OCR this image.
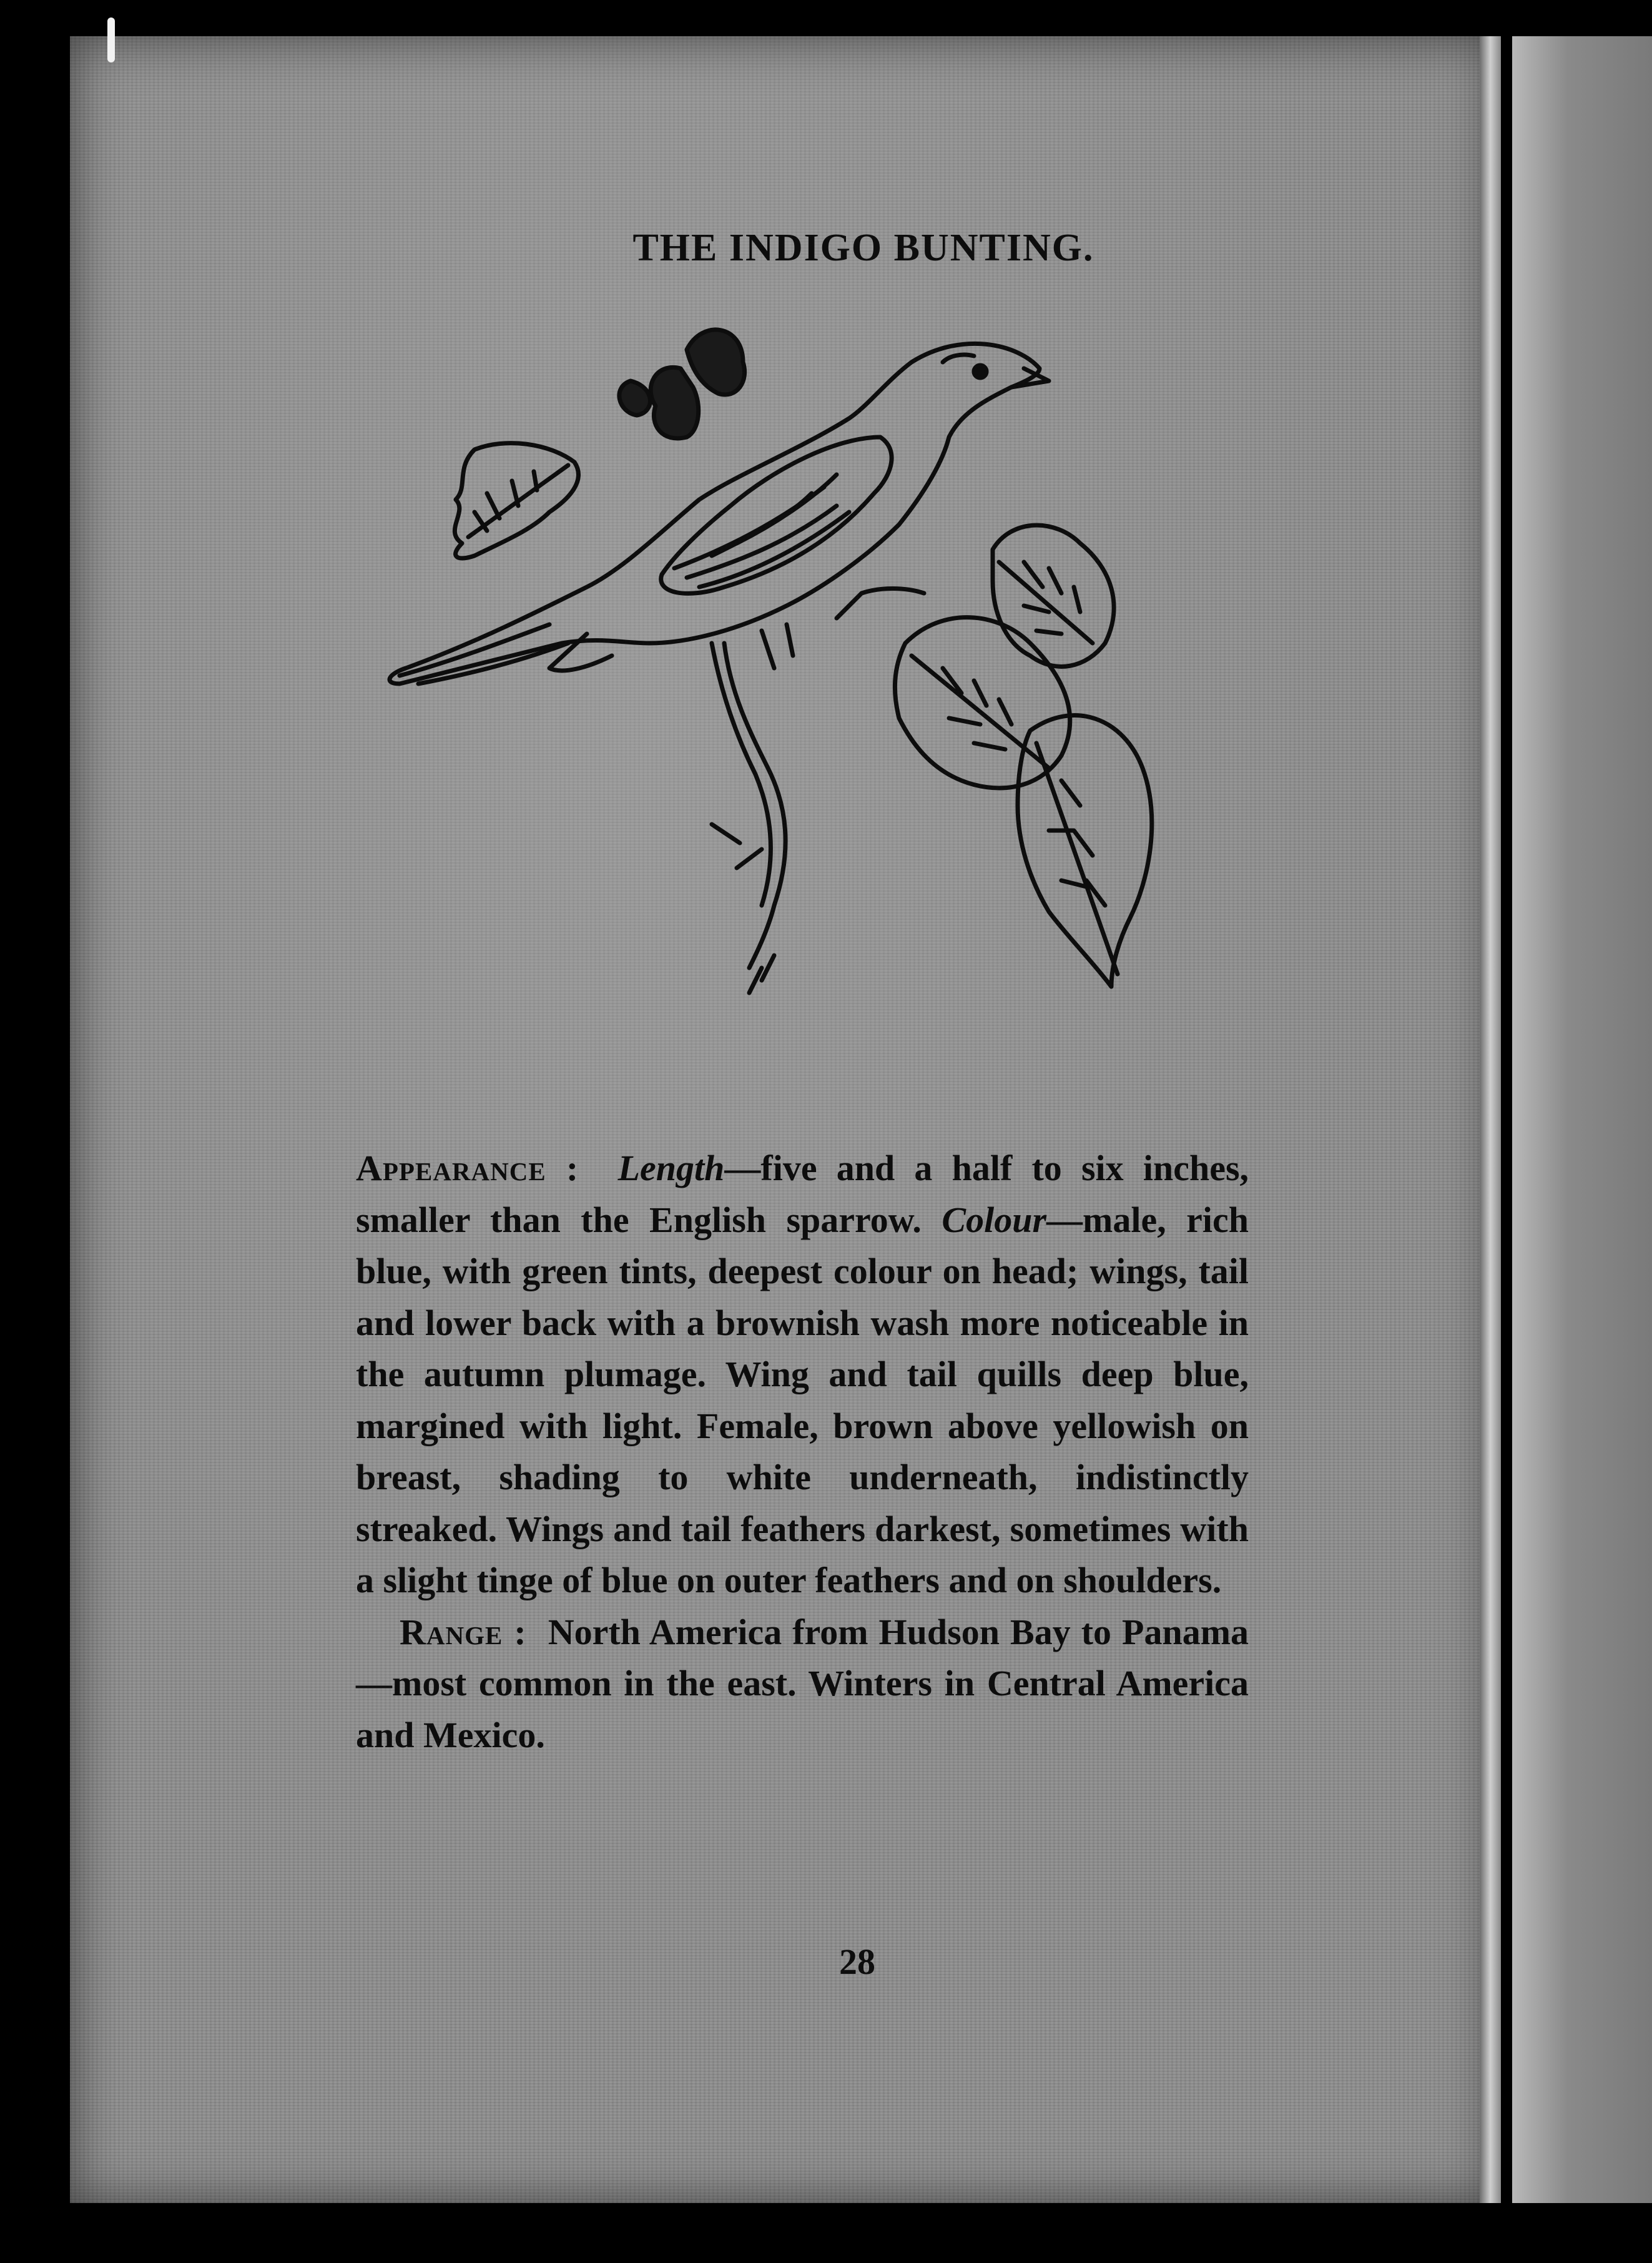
THE INDIGO BUNTING.

Appearance : Length—five and a half to six inches, smaller than the English sparrow. Colour—male, rich blue, with green tints, deepest colour on head; wings, tail and lower back with a brownish wash more noticeable in the autumn plumage. Wing and tail quills deep blue, margined with light. Female, brown above yellowish on breast, shading to white underneath, indistinctly streaked. Wings and tail feathers darkest, sometimes with a slight tinge of blue on outer feathers and on shoulders.

Range : North America from Hudson Bay to Panama—most common in the east. Winters in Central America and Mexico.

28
